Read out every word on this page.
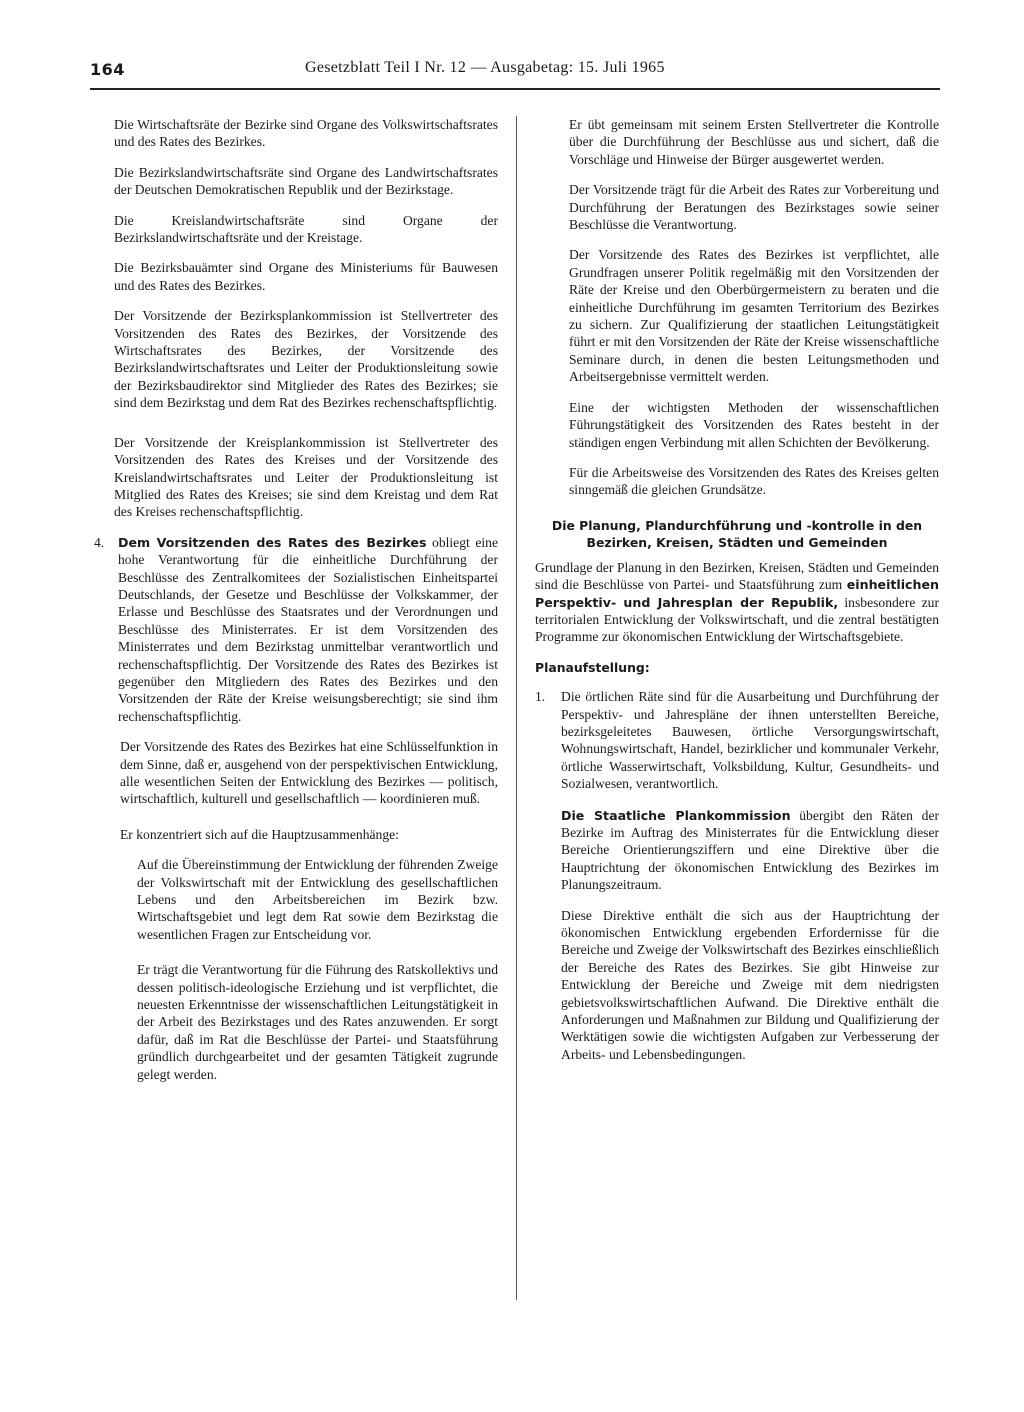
164	Gesetzblatt Teil I Nr. 12 — Ausgabetag: 15. Juli 1965

Die Wirtschaftsräte der Bezirke sind Organe des Volkswirtschaftsrates und des Rates des Bezirkes.

Die Bezirkslandwirtschaftsräte sind Organe des Landwirtschaftsrates der Deutschen Demokratischen Republik und der Bezirkstage.

Die Kreislandwirtschaftsräte sind Organe der Bezirkslandwirtschaftsräte und der Kreistage.

Die Bezirksbauämter sind Organe des Ministeriums für Bauwesen und des Rates des Bezirkes.

Der Vorsitzende der Bezirksplankommission ist Stellvertreter des Vorsitzenden des Rates des Bezirkes, der Vorsitzende des Wirtschaftsrates des Bezirkes, der Vorsitzende des Bezirkslandwirtschaftsrates und Leiter der Produktionsleitung sowie der Bezirksbaudirektor sind Mitglieder des Rates des Bezirkes; sie sind dem Bezirkstag und dem Rat des Bezirkes rechenschaftspflichtig.

Der Vorsitzende der Kreisplankommission ist Stellvertreter des Vorsitzenden des Rates des Kreises und der Vorsitzende des Kreislandwirtschaftsrates und Leiter der Produktionsleitung ist Mitglied des Rates des Kreises; sie sind dem Kreistag und dem Rat des Kreises rechenschaftspflichtig.

4. Dem Vorsitzenden des Rates des Bezirkes obliegt eine hohe Verantwortung für die einheitliche Durchführung der Beschlüsse des Zentralkomitees der Sozialistischen Einheitspartei Deutschlands, der Gesetze und Beschlüsse der Volkskammer, der Erlasse und Beschlüsse des Staatsrates und der Verordnungen und Beschlüsse des Ministerrates. Er ist dem Vorsitzenden des Ministerrates und dem Bezirkstag unmittelbar verantwortlich und rechenschaftspflichtig. Der Vorsitzende des Rates des Bezirkes ist gegenüber den Mitgliedern des Rates des Bezirkes und den Vorsitzenden der Räte der Kreise weisungsberechtigt; sie sind ihm rechenschaftspflichtig.

Der Vorsitzende des Rates des Bezirkes hat eine Schlüsselfunktion in dem Sinne, daß er, ausgehend von der perspektivischen Entwicklung, alle wesentlichen Seiten der Entwicklung des Bezirkes — politisch, wirtschaftlich, kulturell und gesellschaftlich — koordinieren muß.

Er konzentriert sich auf die Hauptzusammenhänge:

Auf die Übereinstimmung der Entwicklung der führenden Zweige der Volkswirtschaft mit der Entwicklung des gesellschaftlichen Lebens und den Arbeitsbereichen im Bezirk bzw. Wirtschaftsgebiet und legt dem Rat sowie dem Bezirkstag die wesentlichen Fragen zur Entscheidung vor.

Er trägt die Verantwortung für die Führung des Ratskollektivs und dessen politisch-ideologische Erziehung und ist verpflichtet, die neuesten Erkenntnisse der wissenschaftlichen Leitungstätigkeit in der Arbeit des Bezirkstages und des Rates anzuwenden. Er sorgt dafür, daß im Rat die Beschlüsse der Partei- und Staatsführung gründlich durchgearbeitet und der gesamten Tätigkeit zugrunde gelegt werden.

Er übt gemeinsam mit seinem Ersten Stellvertreter die Kontrolle über die Durchführung der Beschlüsse aus und sichert, daß die Vorschläge und Hinweise der Bürger ausgewertet werden.

Der Vorsitzende trägt für die Arbeit des Rates zur Vorbereitung und Durchführung der Beratungen des Bezirkstages sowie seiner Beschlüsse die Verantwortung.

Der Vorsitzende des Rates des Bezirkes ist verpflichtet, alle Grundfragen unserer Politik regelmäßig mit den Vorsitzenden der Räte der Kreise und den Oberbürgermeistern zu beraten und die einheitliche Durchführung im gesamten Territorium des Bezirkes zu sichern. Zur Qualifizierung der staatlichen Leitungstätigkeit führt er mit den Vorsitzenden der Räte der Kreise wissenschaftliche Seminare durch, in denen die besten Leitungsmethoden und Arbeitsergebnisse vermittelt werden.

Eine der wichtigsten Methoden der wissenschaftlichen Führungstätigkeit des Vorsitzenden des Rates besteht in der ständigen engen Verbindung mit allen Schichten der Bevölkerung.

Für die Arbeitsweise des Vorsitzenden des Rates des Kreises gelten sinngemäß die gleichen Grundsätze.

Die Planung, Plandurchführung und -kontrolle in den Bezirken, Kreisen, Städten und Gemeinden

Grundlage der Planung in den Bezirken, Kreisen, Städten und Gemeinden sind die Beschlüsse von Partei- und Staatsführung zum einheitlichen Perspektiv- und Jahresplan der Republik, insbesondere zur territorialen Entwicklung der Volkswirtschaft, und die zentral bestätigten Programme zur ökonomischen Entwicklung der Wirtschaftsgebiete.

Planaufstellung:

1. Die örtlichen Räte sind für die Ausarbeitung und Durchführung der Perspektiv- und Jahrespläne der ihnen unterstellten Bereiche, bezirksgeleitetes Bauwesen, örtliche Versorgungswirtschaft, Wohnungswirtschaft, Handel, bezirklicher und kommunaler Verkehr, örtliche Wasserwirtschaft, Volksbildung, Kultur, Gesundheits- und Sozialwesen, verantwortlich.

Die Staatliche Plankommission übergibt den Räten der Bezirke im Auftrag des Ministerrates für die Entwicklung dieser Bereiche Orientierungsziffern und eine Direktive über die Hauptrichtung der ökonomischen Entwicklung des Bezirkes im Planungszeitraum.

Diese Direktive enthält die sich aus der Hauptrichtung der ökonomischen Entwicklung ergebenden Erfordernisse für die Bereiche und Zweige der Volkswirtschaft des Bezirkes einschließlich der Bereiche des Rates des Bezirkes. Sie gibt Hinweise zur Entwicklung der Bereiche und Zweige mit dem niedrigsten gebietsvolkswirtschaftlichen Aufwand. Die Direktive enthält die Anforderungen und Maßnahmen zur Bildung und Qualifizierung der Werktätigen sowie die wichtigsten Aufgaben zur Verbesserung der Arbeits- und Lebensbedingungen.
